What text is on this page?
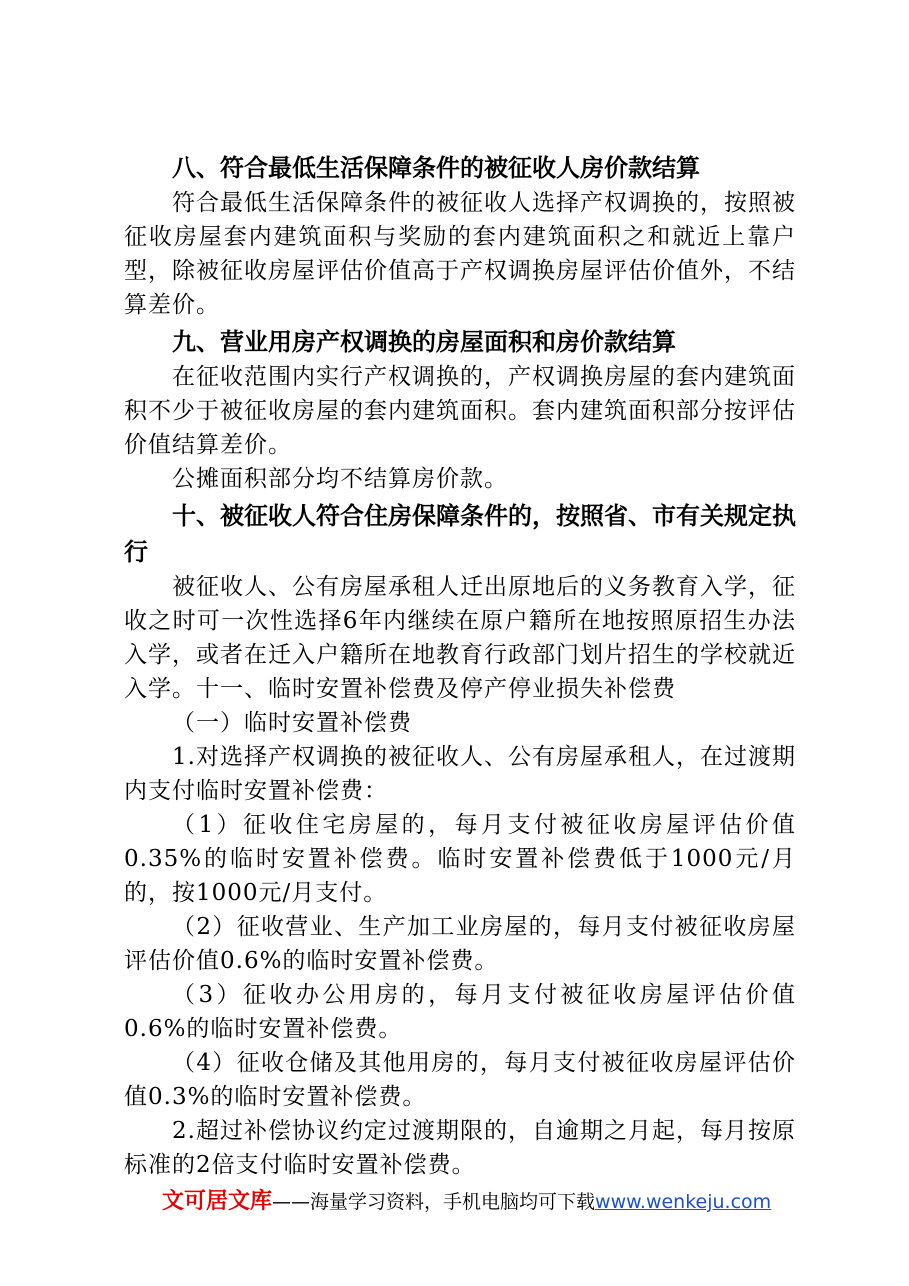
八、符合最低生活保障条件的被征收人房价款结算

符合最低生活保障条件的被征收人选择产权调换的，按照被征收房屋套内建筑面积与奖励的套内建筑面积之和就近上靠户型，除被征收房屋评估价值高于产权调换房屋评估价值外，不结算差价。

九、营业用房产权调换的房屋面积和房价款结算

在征收范围内实行产权调换的，产权调换房屋的套内建筑面积不少于被征收房屋的套内建筑面积。套内建筑面积部分按评估价值结算差价。

公摊面积部分均不结算房价款。

十、被征收人符合住房保障条件的，按照省、市有关规定执行

被征收人、公有房屋承租人迁出原地后的义务教育入学，征收之时可一次性选择6年内继续在原户籍所在地按照原招生办法入学，或者在迁入户籍所在地教育行政部门划片招生的学校就近入学。十一、临时安置补偿费及停产停业损失补偿费

（一）临时安置补偿费

1.对选择产权调换的被征收人、公有房屋承租人，在过渡期内支付临时安置补偿费：

（1）征收住宅房屋的，每月支付被征收房屋评估价值0.35%的临时安置补偿费。临时安置补偿费低于1000元/月的，按1000元/月支付。

（2）征收营业、生产加工业房屋的，每月支付被征收房屋评估价值0.6%的临时安置补偿费。

（3）征收办公用房的，每月支付被征收房屋评估价值0.6%的临时安置补偿费。

（4）征收仓储及其他用房的，每月支付被征收房屋评估价值0.3%的临时安置补偿费。

2.超过补偿协议约定过渡期限的，自逾期之月起，每月按原标准的2倍支付临时安置补偿费。

文可居文库——海量学习资料，手机电脑均可下载www.wenkeju.com
